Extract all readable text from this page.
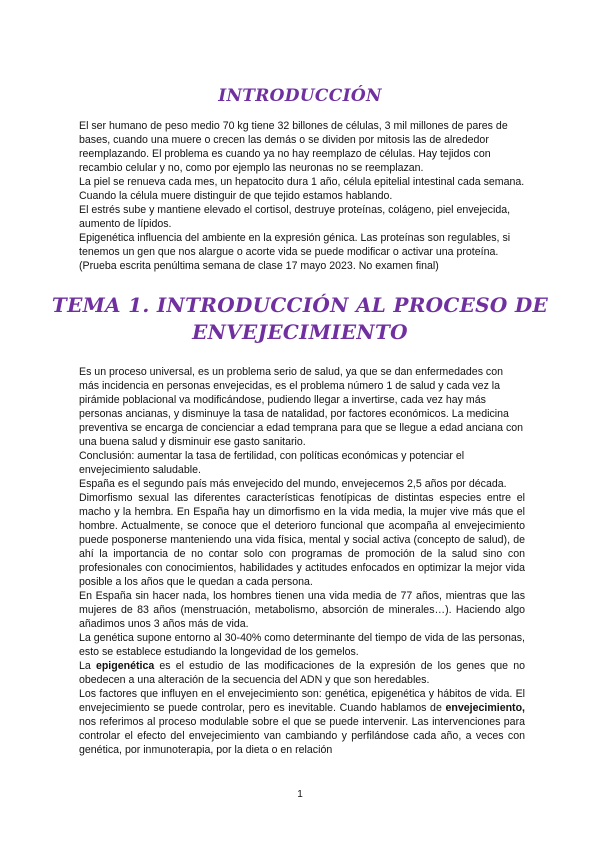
INTRODUCCIÓN

El ser humano de peso medio 70 kg tiene 32 billones de células, 3 mil millones de pares de bases, cuando una muere o crecen las demás o se dividen por mitosis las de alrededor reemplazando. El problema es cuando ya no hay reemplazo de células. Hay tejidos con recambio celular y no, como por ejemplo las neuronas no se reemplazan.

La piel se renueva cada mes, un hepatocito dura 1 año, célula epitelial intestinal cada semana. Cuando la célula muere distinguir de que tejido estamos hablando.

El estrés sube y mantiene elevado el cortisol, destruye proteínas, colágeno, piel envejecida, aumento de lípidos.

Epigenética influencia del ambiente en la expresión génica. Las proteínas son regulables, si tenemos un gen que nos alargue o acorte vida se puede modificar o activar una proteína.

(Prueba escrita penúltima semana de clase 17 mayo 2023. No examen final)

TEMA 1. INTRODUCCIÓN AL PROCESO DE
ENVEJECIMIENTO

Es un proceso universal, es un problema serio de salud, ya que se dan enfermedades con más incidencia en personas envejecidas, es el problema número 1 de salud y cada vez la pirámide poblacional va modificándose, pudiendo llegar a invertirse, cada vez hay más personas ancianas, y disminuye la tasa de natalidad, por factores económicos. La medicina preventiva se encarga de concienciar a edad temprana para que se llegue a edad anciana con una buena salud y disminuir ese gasto sanitario.

Conclusión: aumentar la tasa de fertilidad, con políticas económicas y potenciar el envejecimiento saludable.

España es el segundo país más envejecido del mundo, envejecemos 2,5 años por década.

Dimorfismo sexual las diferentes características fenotípicas de distintas especies entre el macho y la hembra. En España hay un dimorfismo en la vida media, la mujer vive más que el hombre. Actualmente, se conoce que el deterioro funcional que acompaña al envejecimiento puede posponerse manteniendo una vida física, mental y social activa (concepto de salud), de ahí la importancia de no contar solo con programas de promoción de la salud sino con profesionales con conocimientos, habilidades y actitudes enfocados en optimizar la mejor vida posible a los años que le quedan a cada persona.

En España sin hacer nada, los hombres tienen una vida media de 77 años, mientras que las mujeres de 83 años (menstruación, metabolismo, absorción de minerales…). Haciendo algo añadimos unos 3 años más de vida.

La genética supone entorno al 30-40% como determinante del tiempo de vida de las personas, esto se establece estudiando la longevidad de los gemelos.

La epigenética es el estudio de las modificaciones de la expresión de los genes que no obedecen a una alteración de la secuencia del ADN y que son heredables.

Los factores que influyen en el envejecimiento son: genética, epigenética y hábitos de vida. El envejecimiento se puede controlar, pero es inevitable. Cuando hablamos de envejecimiento, nos referimos al proceso modulable sobre el que se puede intervenir. Las intervenciones para controlar el efecto del envejecimiento van cambiando y perfilándose cada año, a veces con genética, por inmunoterapia, por la dieta o en relación

1
